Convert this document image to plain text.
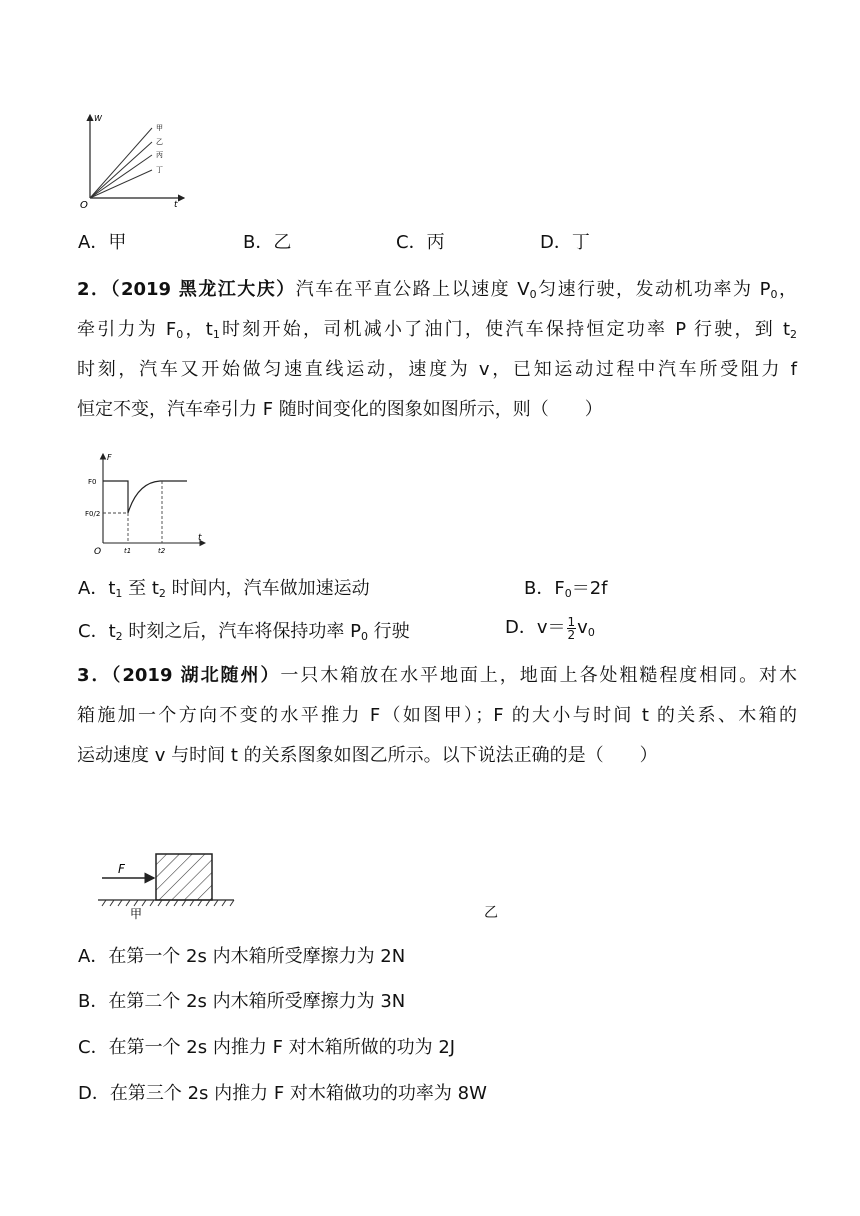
W
t
O
甲
乙
丙
丁
A．甲	B．乙	C．丙	D．丁
2．（2019 黑龙江大庆）汽车在平直公路上以速度 $V_0$匀速行驶，发动机功率为 $P_0$，
牵引力为 $F_0$，$t_1$时刻开始，司机减小了油门，使汽车保持恒定功率 P 行驶，到 $t_2$
时刻，汽车又开始做匀速直线运动，速度为 v，已知运动过程中汽车所受阻力 f
恒定不变，汽车牵引力 F 随时间变化的图象如图所示，则（　　）
F
t
O
F0
F0/2
t1	t2
A．$t_1$ 至 $t_2$ 时间内，汽车做加速运动	B．$F_0=2f$
C．$t_2$ 时刻之后，汽车将保持功率 $P_0$ 行驶	D．$v= \frac{1}{2} v_0$
3．（2019 湖北随州）一只木箱放在水平地面上，地面上各处粗糙程度相同。对木
箱施加一个方向不变的水平推力 F（如图甲）；F 的大小与时间 t 的关系、木箱的
运动速度 v 与时间 t 的关系图象如图乙所示。以下说法正确的是（　　）
F
甲	乙
A．在第一个 2s 内木箱所受摩擦力为 2N
B．在第二个 2s 内木箱所受摩擦力为 3N
C．在第一个 2s 内推力 F 对木箱所做的功为 2J
D．在第三个 2s 内推力 F 对木箱做功的功率为 8W
